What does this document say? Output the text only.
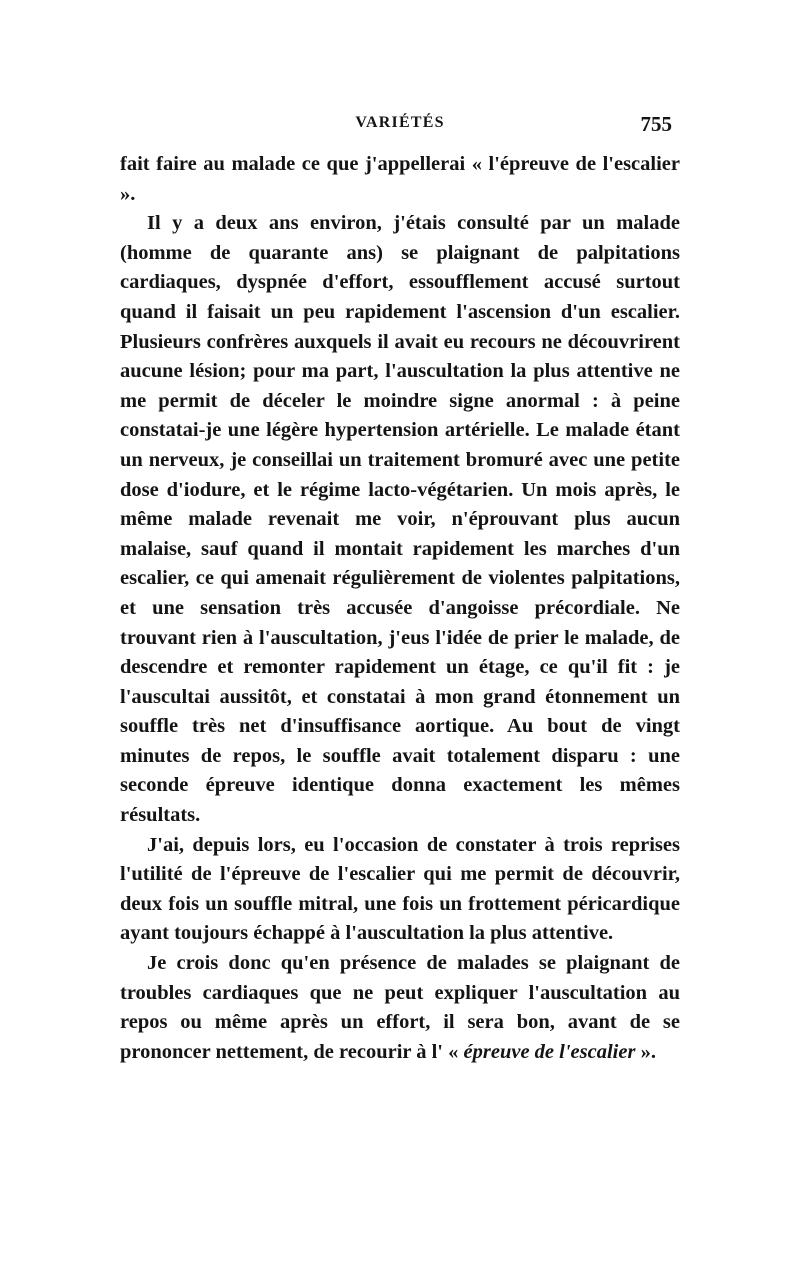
VARIÉTÉS	755

fait faire au malade ce que j'appellerai « l'épreuve de l'escalier ».

Il y a deux ans environ, j'étais consulté par un malade (homme de quarante ans) se plaignant de palpitations cardiaques, dyspnée d'effort, essoufflement accusé surtout quand il faisait un peu rapidement l'ascension d'un escalier. Plusieurs confrères auxquels il avait eu recours ne découvrirent aucune lésion; pour ma part, l'auscultation la plus attentive ne me permit de déceler le moindre signe anormal : à peine constatai-je une légère hypertension artérielle. Le malade étant un nerveux, je conseillai un traitement bromuré avec une petite dose d'iodure, et le régime lacto-végétarien. Un mois après, le même malade revenait me voir, n'éprouvant plus aucun malaise, sauf quand il montait rapidement les marches d'un escalier, ce qui amenait régulièrement de violentes palpitations, et une sensation très accusée d'angoisse précordiale. Ne trouvant rien à l'auscultation, j'eus l'idée de prier le malade, de descendre et remonter rapidement un étage, ce qu'il fit : je l'auscultai aussitôt, et constatai à mon grand étonnement un souffle très net d'insuffisance aortique. Au bout de vingt minutes de repos, le souffle avait totalement disparu : une seconde épreuve identique donna exactement les mêmes résultats.

J'ai, depuis lors, eu l'occasion de constater à trois reprises l'utilité de l'épreuve de l'escalier qui me permit de découvrir, deux fois un souffle mitral, une fois un frottement péricardique ayant toujours échappé à l'auscultation la plus attentive.

Je crois donc qu'en présence de malades se plaignant de troubles cardiaques que ne peut expliquer l'auscultation au repos ou même après un effort, il sera bon, avant de se prononcer nettement, de recourir à l' « épreuve de l'escalier ».
